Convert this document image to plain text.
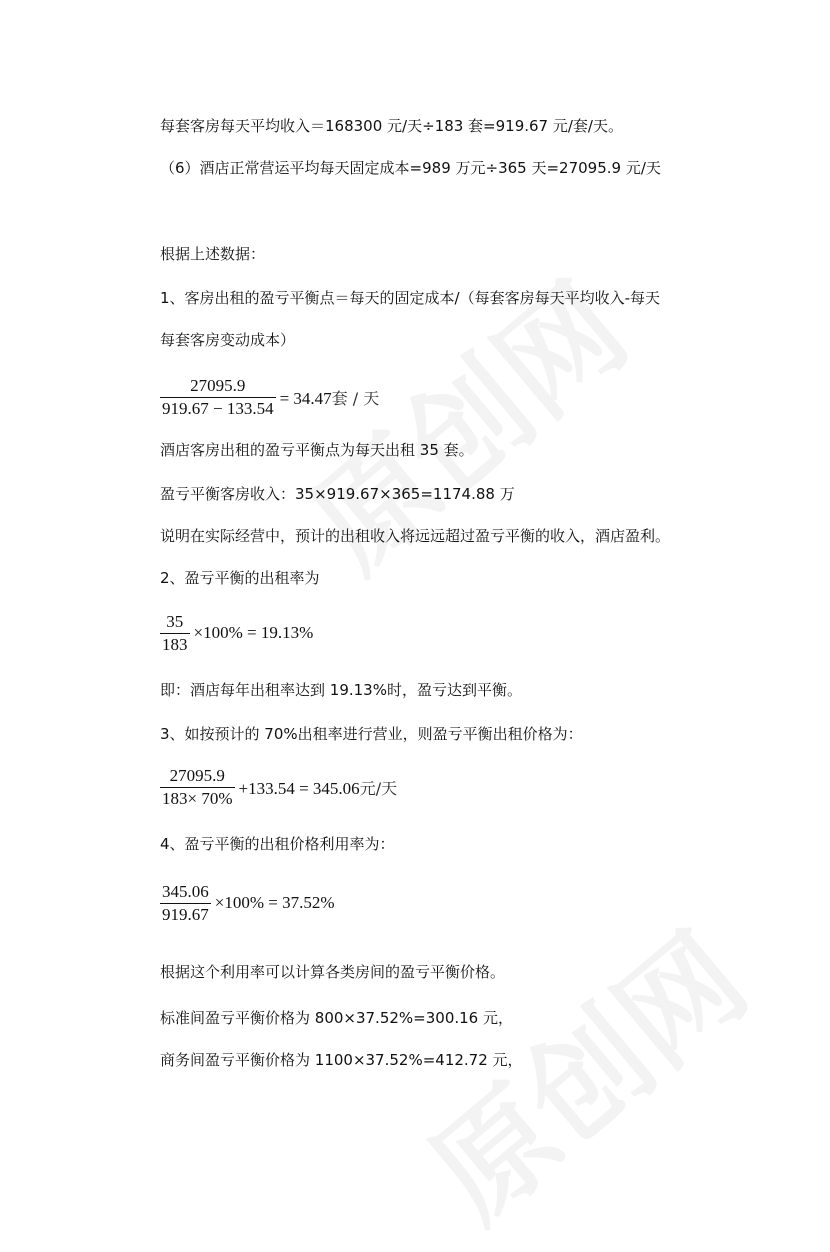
每套客房每天平均收入＝168300 元/天÷183 套=919.67 元/套/天。
（6）酒店正常营运平均每天固定成本=989 万元÷365 天=27095.9 元/天
根据上述数据：
1、客房出租的盈亏平衡点＝每天的固定成本/（每套客房每天平均收入-每天
每套客房变动成本）
$\frac{27095.9}{919.67 - 133.54} = 34.47$套 / 天
酒店客房出租的盈亏平衡点为每天出租 35 套。
盈亏平衡客房收入：35×919.67×365=1174.88 万
说明在实际经营中，预计的出租收入将远远超过盈亏平衡的收入，酒店盈利。
2、盈亏平衡的出租率为
$\frac{35}{183} \times 100\% = 19.13\%$
即：酒店每年出租率达到 19.13%时，盈亏达到平衡。
3、如按预计的 70%出租率进行营业，则盈亏平衡出租价格为：
$\frac{27095.9}{183\times 70\%} +133.54 = 345.06$元/天
4、盈亏平衡的出租价格利用率为：
$\frac{345.06}{919.67} \times 100\% = 37.52\%$
根据这个利用率可以计算各类房间的盈亏平衡价格。
标准间盈亏平衡价格为 800×37.52%=300.16 元，
商务间盈亏平衡价格为 1100×37.52%=412.72 元，
